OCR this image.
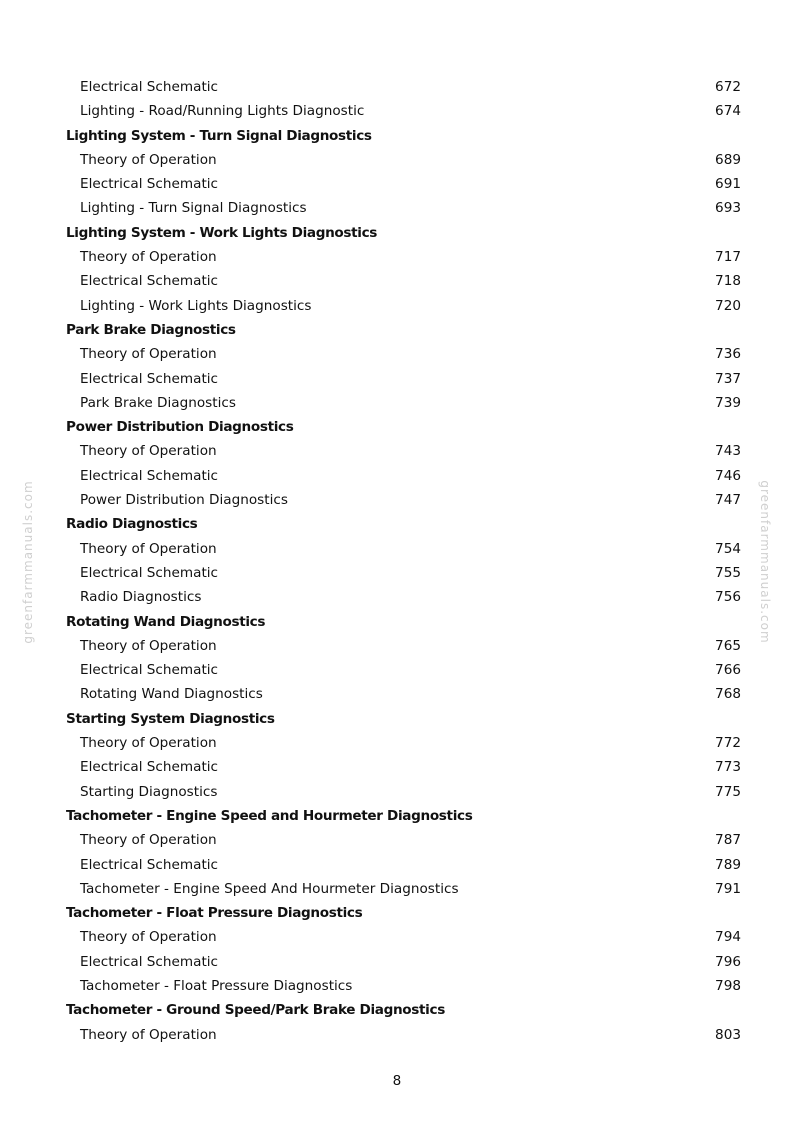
greenfarmmanuals.com	greenfarmmanuals.com
Electrical Schematic	672
Lighting - Road/Running Lights Diagnostic	674
Lighting System - Turn Signal Diagnostics
Theory of Operation	689
Electrical Schematic	691
Lighting - Turn Signal Diagnostics	693
Lighting System - Work Lights Diagnostics
Theory of Operation	717
Electrical Schematic	718
Lighting - Work Lights Diagnostics	720
Park Brake Diagnostics
Theory of Operation	736
Electrical Schematic	737
Park Brake Diagnostics	739
Power Distribution Diagnostics
Theory of Operation	743
Electrical Schematic	746
Power Distribution Diagnostics	747
Radio Diagnostics
Theory of Operation	754
Electrical Schematic	755
Radio Diagnostics	756
Rotating Wand Diagnostics
Theory of Operation	765
Electrical Schematic	766
Rotating Wand Diagnostics	768
Starting System Diagnostics
Theory of Operation	772
Electrical Schematic	773
Starting Diagnostics	775
Tachometer - Engine Speed and Hourmeter Diagnostics
Theory of Operation	787
Electrical Schematic	789
Tachometer - Engine Speed And Hourmeter Diagnostics	791
Tachometer - Float Pressure Diagnostics
Theory of Operation	794
Electrical Schematic	796
Tachometer - Float Pressure Diagnostics	798
Tachometer - Ground Speed/Park Brake Diagnostics
Theory of Operation	803
8
